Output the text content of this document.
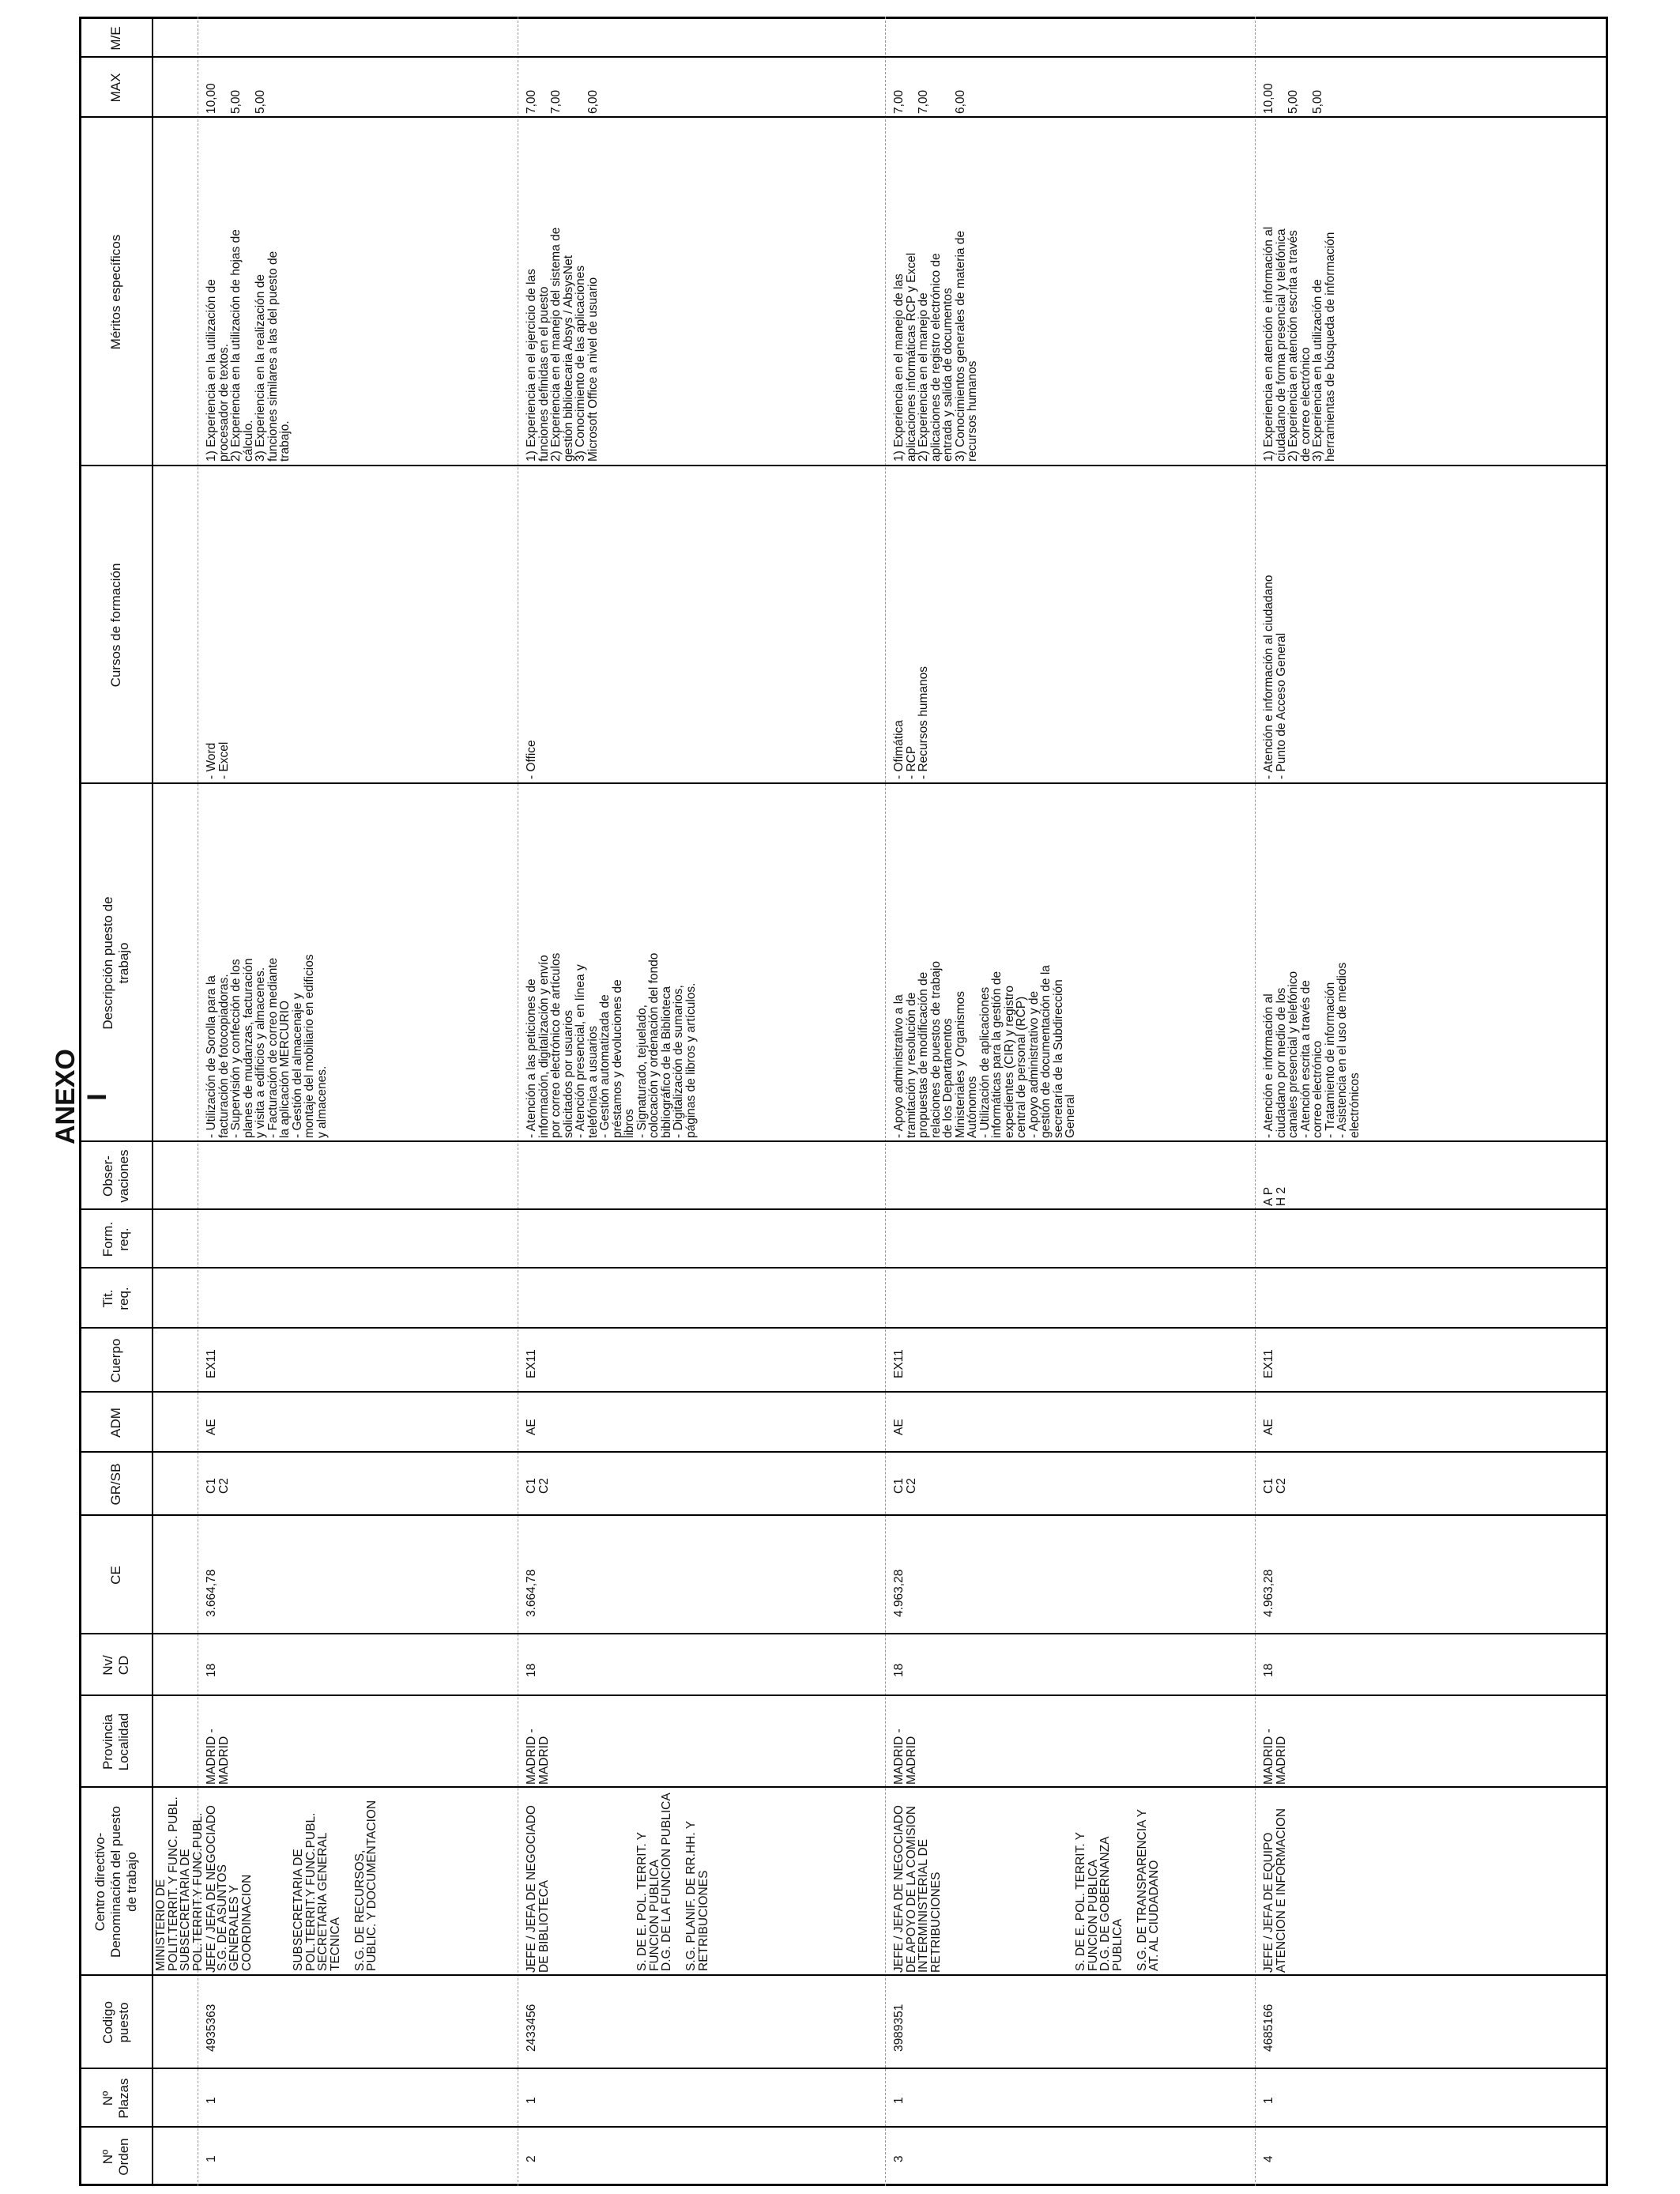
ANEXO I
Nº
Orden
Nº
Plazas
Codigo
puesto
Centro directivo-
Denominación del puesto
de trabajo
Provincia
Localidad
Nv/
CD
CE
GR/SB
ADM
Cuerpo
Tit.
req.
Form.
req.
Obser-
vaciones
Descripción puesto de
trabajo
Cursos de formación
Méritos específicos
MAX
M/E
MINISTERIO DE
POLIT.TERRIT. Y FUNC. PUBL.
SUBSECRETARIA DE
POL.TERRIT.Y FUNC.PUBL.

S.G. DE ASUNTOS
GENERALES Y
COORDINACION
1
1
4935363
JEFE / JEFA DE NEGOCIADO
MADRID -
MADRID
18
3.664,78
C1
C2
AE
EX11
- Utilización de Sorolla para la
facturación de fotocopiadoras.
- Supervisión y confección de los
planes de mudanzas, facturación
y visita a edificios y almacenes.
- Facturación de correo mediante
la aplicación MERCURIO
- Gestión del almacenaje y
montaje del mobiliario en edificios
y almacenes.
- Word
- Excel
1) Experiencia en la utilización de
procesador de textos.
2) Experiencia en la utilización de hojas de
cálculo.
3) Experiencia en la realización de
funciones similares a las del puesto de
trabajo.
10,00

5,00

5,00
SUBSECRETARIA DE
POL.TERRIT.Y FUNC.PUBL.
SECRETARIA GENERAL
TECNICA

S.G. DE RECURSOS,
PUBLIC. Y DOCUMENTACION
2
1
2433456
JEFE / JEFA DE NEGOCIADO
DE BIBLIOTECA
MADRID -
MADRID
18
3.664,78
C1
C2
AE
EX11
- Atención a las peticiones de
información, digitalización y envío
por correo electrónico de artículos
solicitados por usuarios
- Atención presencial, en línea y
telefónica a usuarios
- Gestión automatizada de
préstamos y devoluciones de
libros
- Signaturado, tejuelado,
colocación y ordenación del fondo
bibliográfico de la Biblioteca
- Digitalización de sumarios,
páginas de libros y artículos.
- Office
1) Experiencia en el ejercicio de las
funciones definidas en el puesto
2) Experiencia en el manejo del sistema de
gestión bibliotecaria Absys / AbsysNet
3) Conocimiento de las aplicaciones
Microsoft Office a nivel de usuario
7,00

7,00

6,00
S. DE E. POL. TERRIT. Y
FUNCION PUBLICA
D.G. DE LA FUNCION PUBLICA

S.G. PLANIF. DE RR.HH. Y
RETRIBUCIONES
3
1
3989351
JEFE / JEFA DE NEGOCIADO
DE APOYO DE LA COMISION
INTERMINISTERIAL DE
RETRIBUCIONES
MADRID -
MADRID
18
4.963,28
C1
C2
AE
EX11
- Apoyo administrativo a la
tramitación y resolución de
propuestas de modificación de
relaciones de puestos de trabajo
de los Departamentos
Ministeriales y Organismos
Autónomos
- Utilización de aplicaciones
informáticas para la gestión de
expedientes (CIR) y registro
central de personal (RCP)
- Apoyo administrativo y de
gestión de documentación de la
secretaría de la Subdirección
General
- Ofimática
- RCP
- Recursos humanos
1) Experiencia en el manejo de las
aplicaciones informáticas RCP y Excel
2) Experiencia en el manejo de
aplicaciones de registro electrónico de
entrada y salida de documentos
3) Conocimientos generales de materia de
recursos humanos
7,00

7,00

6,00
S. DE E. POL. TERRIT. Y
FUNCION PUBLICA
D.G. DE GOBERNANZA
PUBLICA

S.G. DE TRANSPARENCIA Y
AT. AL CIUDADANO
4
1
4685166
JEFE / JEFA DE EQUIPO
ATENCION E INFORMACION
MADRID -
MADRID
18
4.963,28
C1
C2
AE
EX11
A P
H 2
- Atención e información al
ciudadano por medio de los
canales presencial y telefónico
- Atención escrita a través de
correo electrónico
- Tratamiento de información
- Asistencia en el uso de medios
electrónicos
- Atención e información al ciudadano
- Punto de Acceso General
1) Experiencia en atención e información al
ciudadano de forma presencial y telefónica
2) Experiencia en atención escrita a través
de correo electrónico
3) Experiencia en la utilización de
herramientas de búsqueda de información
10,00

5,00

5,00
